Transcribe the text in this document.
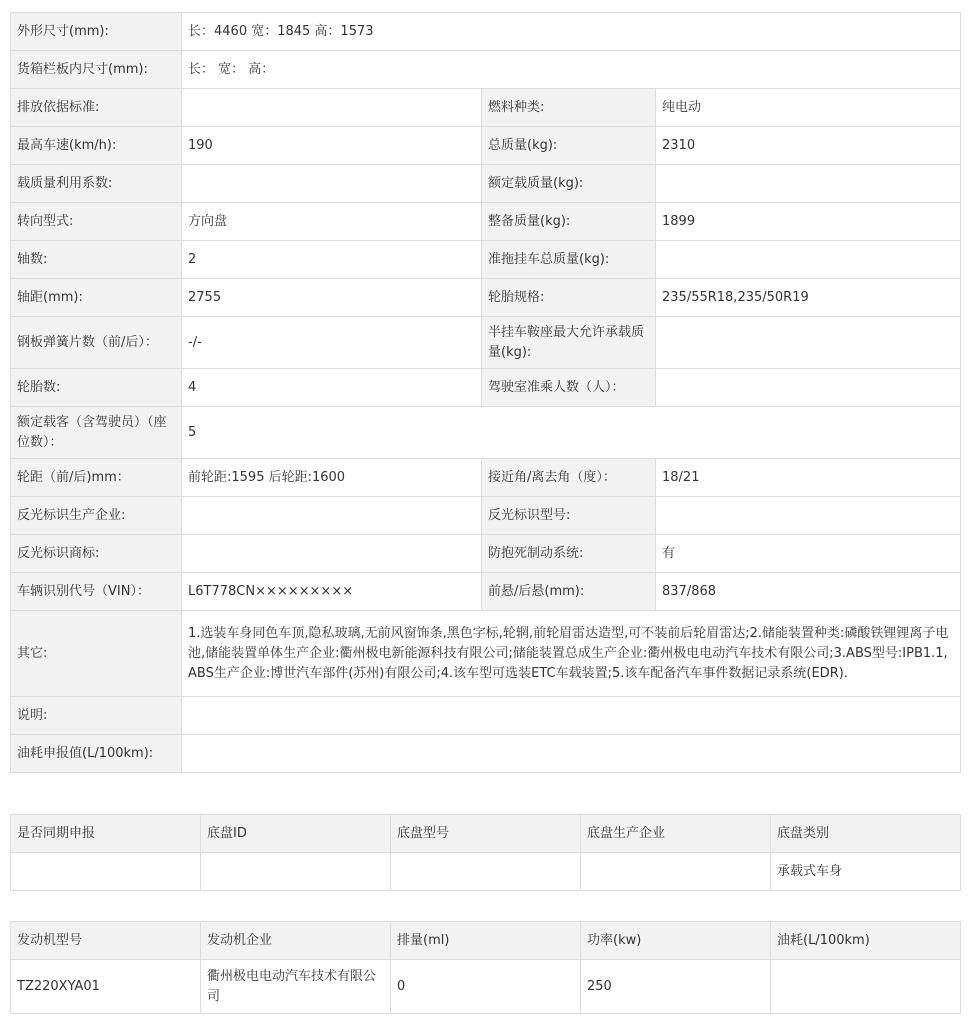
外形尺寸(mm):	长：4460 宽：1845 高：1573		
货箱栏板内尺寸(mm):	长： 宽： 高：		
排放依据标准:		燃料种类:	纯电动
最高车速(km/h):	190	总质量(kg):	2310
载质量利用系数:		额定载质量(kg):	
转向型式:	方向盘	整备质量(kg):	1899
轴数:	2	准拖挂车总质量(kg):	
轴距(mm):	2755	轮胎规格:	235/55R18,235/50R19
钢板弹簧片数（前/后）：	-/-	半挂车鞍座最大允许承载质量(kg):	
轮胎数:	4	驾驶室准乘人数（人）：	
额定载客（含驾驶员）（座位数）：	5		
轮距（前/后)mm：	前轮距:1595 后轮距:1600	接近角/离去角（度）：	18/21
反光标识生产企业:		反光标识型号:	
反光标识商标:		防抱死制动系统:	有
车辆识别代号（VIN）：	L6T778CN×××××××××	前悬/后悬(mm):	837/868
其它:	1.选装车身同色车顶,隐私玻璃,无前风窗饰条,黑色字标,轮辋,前轮眉雷达造型,可不装前后轮眉雷达;2.储能装置种类:磷酸铁锂锂离子电池,储能装置单体生产企业:衢州极电新能源科技有限公司;储能装置总成生产企业:衢州极电电动汽车技术有限公司;3.ABS型号:IPB1.1,ABS生产企业:博世汽车部件(苏州)有限公司;4.该车型可选装ETC车载装置;5.该车配备汽车事件数据记录系统(EDR).		
说明:			
油耗申报值(L/100km):			
是否同期申报	底盘ID	底盘型号	底盘生产企业	底盘类别
				承载式车身
发动机型号	发动机企业	排量(ml)	功率(kw)	油耗(L/100km)
TZ220XYA01	衢州极电电动汽车技术有限公司	0	250	
